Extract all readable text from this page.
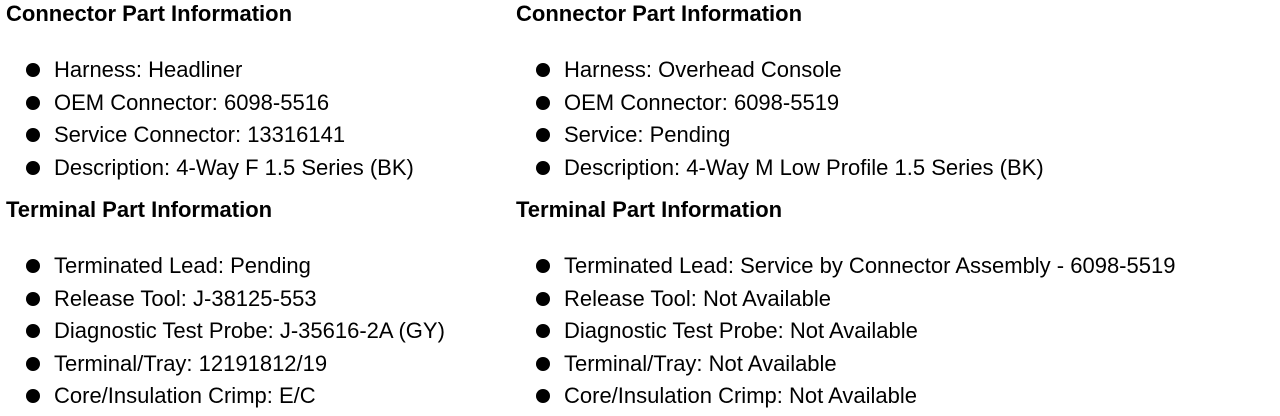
Connector Part Information
Harness: Headliner
OEM Connector: 6098-5516
Service Connector: 13316141
Description: 4-Way F 1.5 Series (BK)
Terminal Part Information
Terminated Lead: Pending
Release Tool: J-38125-553
Diagnostic Test Probe: J-35616-2A (GY)
Terminal/Tray: 12191812/19
Core/Insulation Crimp: E/C
Connector Part Information
Harness: Overhead Console
OEM Connector: 6098-5519
Service: Pending
Description: 4-Way M Low Profile 1.5 Series (BK)
Terminal Part Information
Terminated Lead: Service by Connector Assembly - 6098-5519
Release Tool: Not Available
Diagnostic Test Probe: Not Available
Terminal/Tray: Not Available
Core/Insulation Crimp: Not Available
